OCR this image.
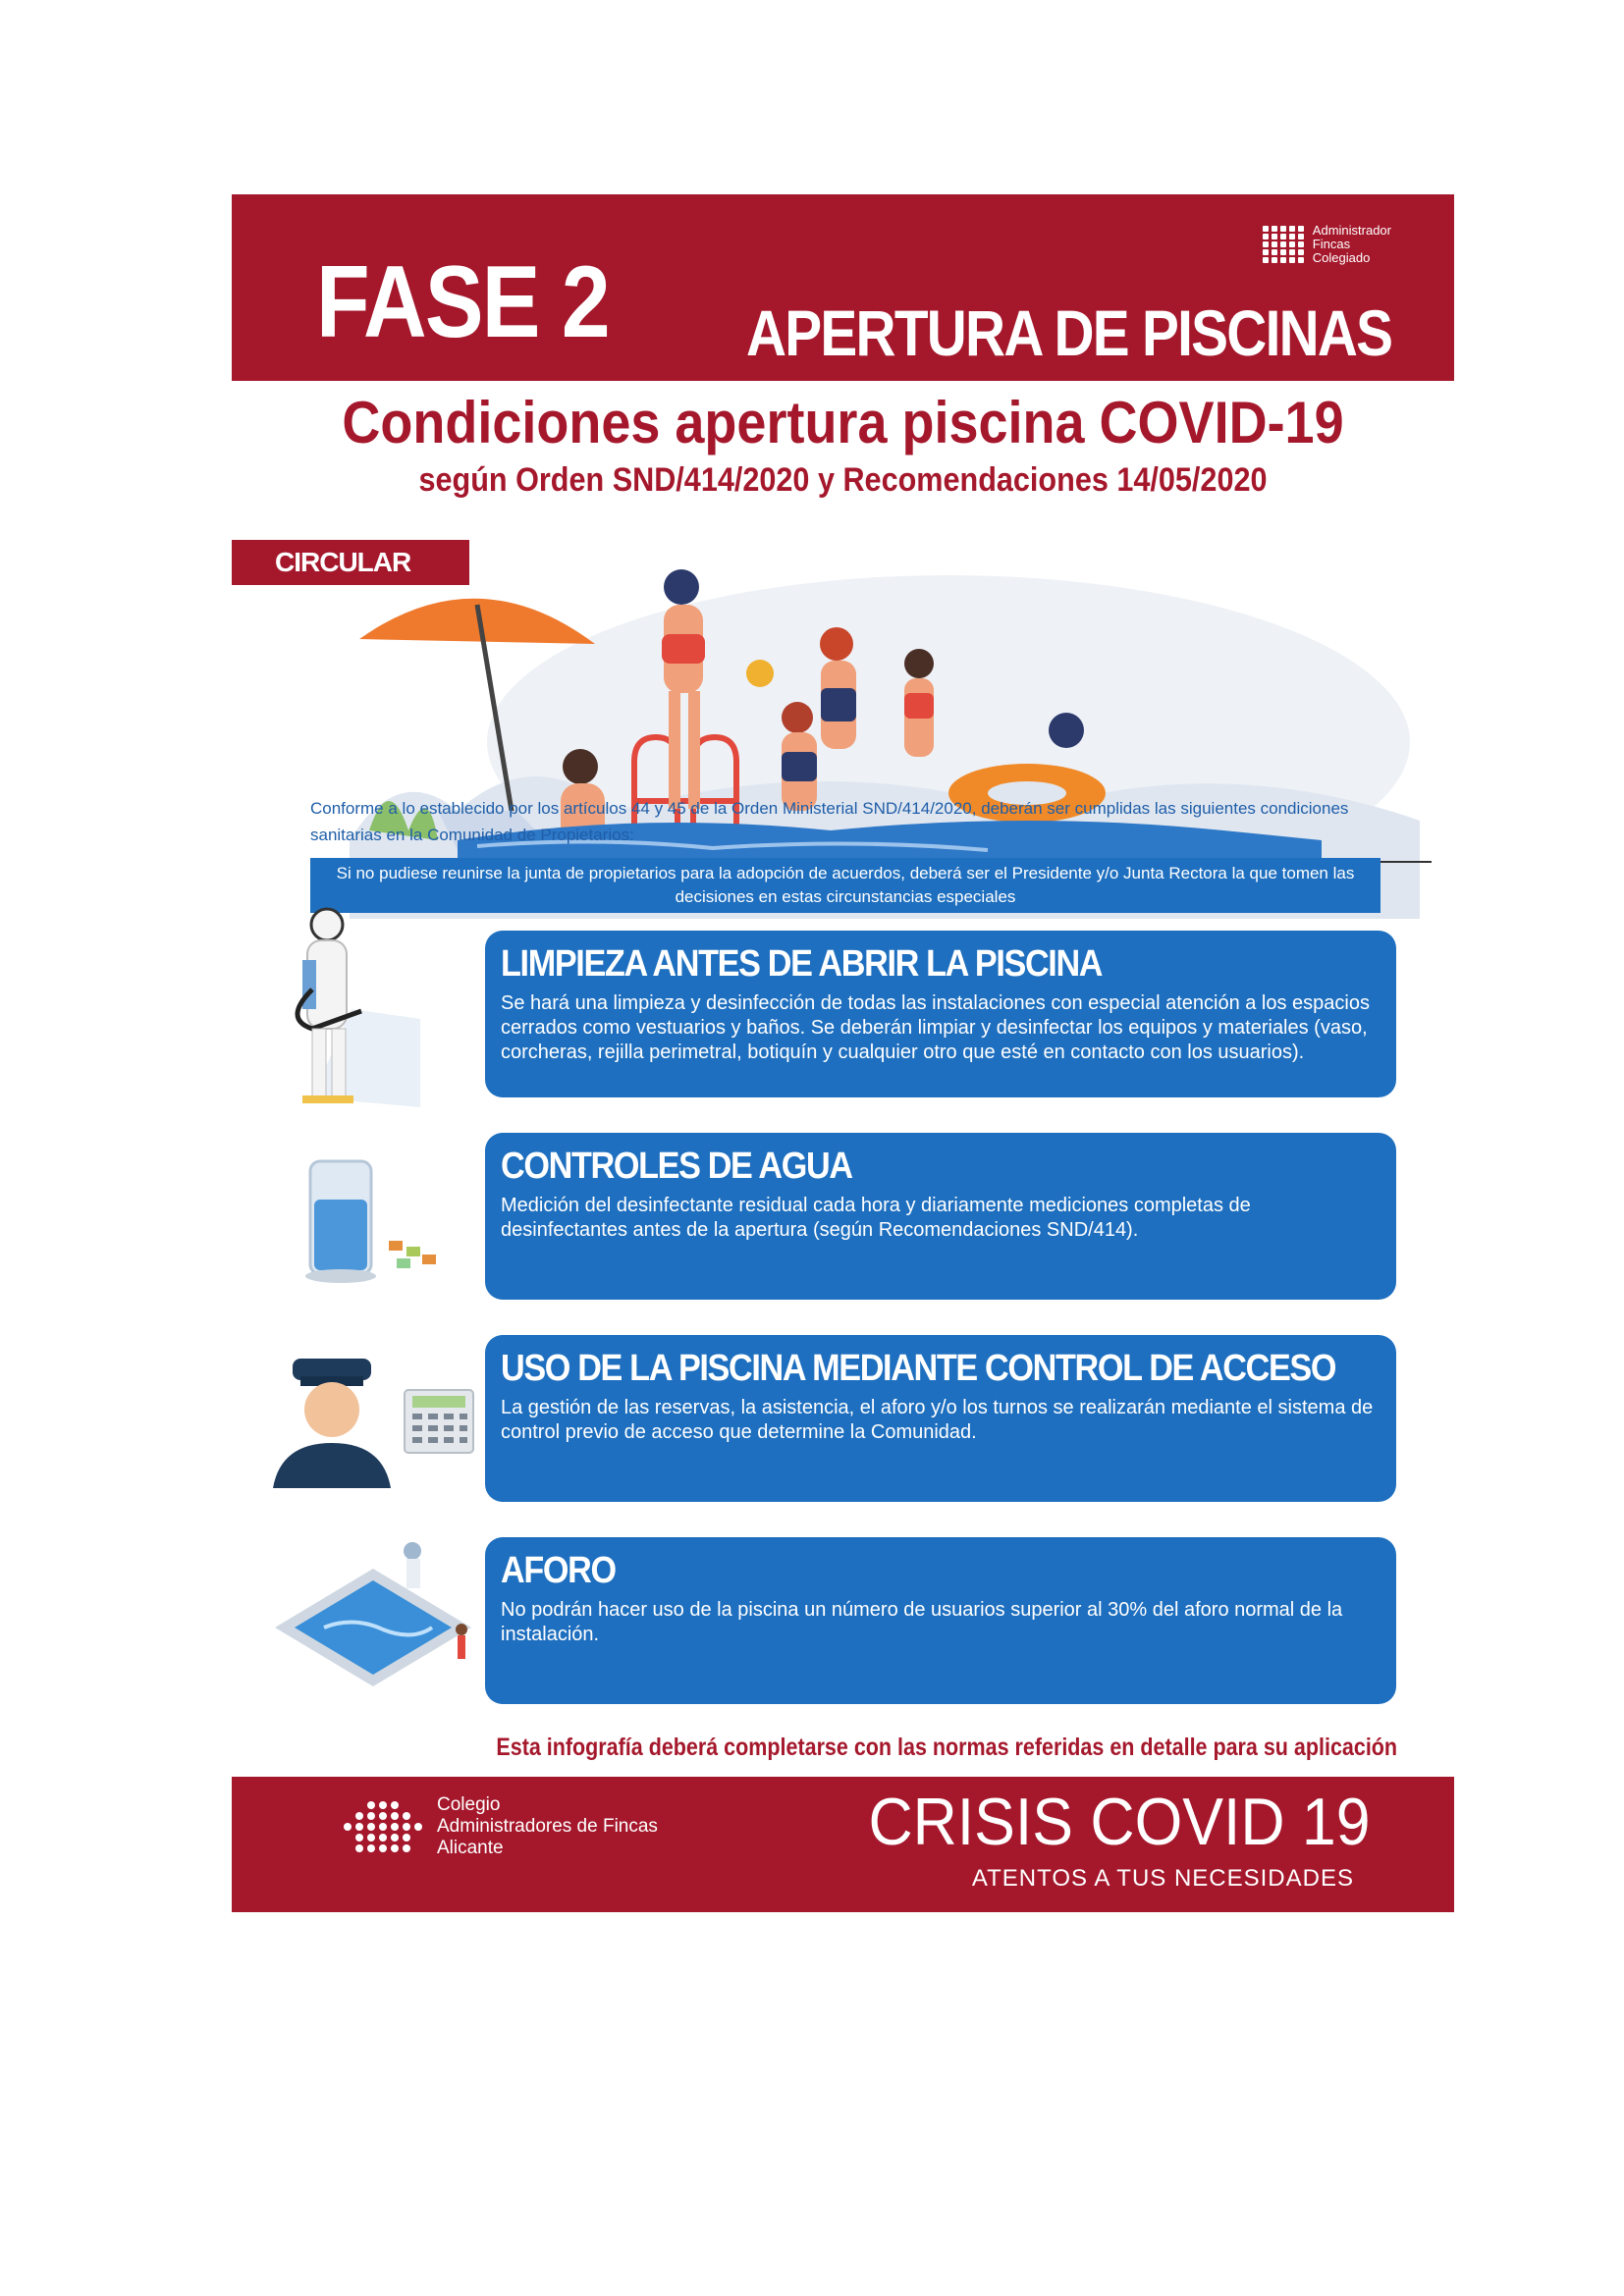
FASE 2
Administrador
Fincas
Colegiado
APERTURA DE PISCINAS
Condiciones apertura piscina COVID-19
según Orden SND/414/2020 y Recomendaciones 14/05/2020
CIRCULAR 113/20
Conforme a lo establecido por los artículos 44 y 45 de la Orden Ministerial SND/414/2020, deberán ser cumplidas las siguientes condiciones sanitarias en la Comunidad de Propietarios:
Si no pudiese reunirse la junta de propietarios para la adopción de acuerdos, deberá ser el Presidente y/o Junta Rectora la que tomen las decisiones en estas circunstancias especiales
LIMPIEZA ANTES DE ABRIR LA PISCINA

Se hará una limpieza y desinfección de todas las instalaciones con especial atención a los espacios cerrados como vestuarios y baños. Se deberán limpiar y desinfectar los equipos y materiales (vaso, corcheras, rejilla perimetral, botiquín y cualquier otro que esté en contacto con los usuarios).

CONTROLES DE AGUA

Medición del desinfectante residual cada hora y diariamente mediciones completas de desinfectantes antes de la apertura (según Recomendaciones SND/414).

USO DE LA PISCINA MEDIANTE CONTROL DE ACCESO

La gestión de las reservas, la asistencia, el aforo y/o los turnos se realizarán mediante el sistema de control previo de acceso que determine la Comunidad.

AFORO

No podrán hacer uso de la piscina un número de usuarios superior al 30% del aforo normal de la instalación.

Esta infografía deberá completarse con las normas referidas en detalle para su aplicación
Colegio
Administradores de Fincas
Alicante	CRISIS COVID 19
ATENTOS A TUS NECESIDADES
